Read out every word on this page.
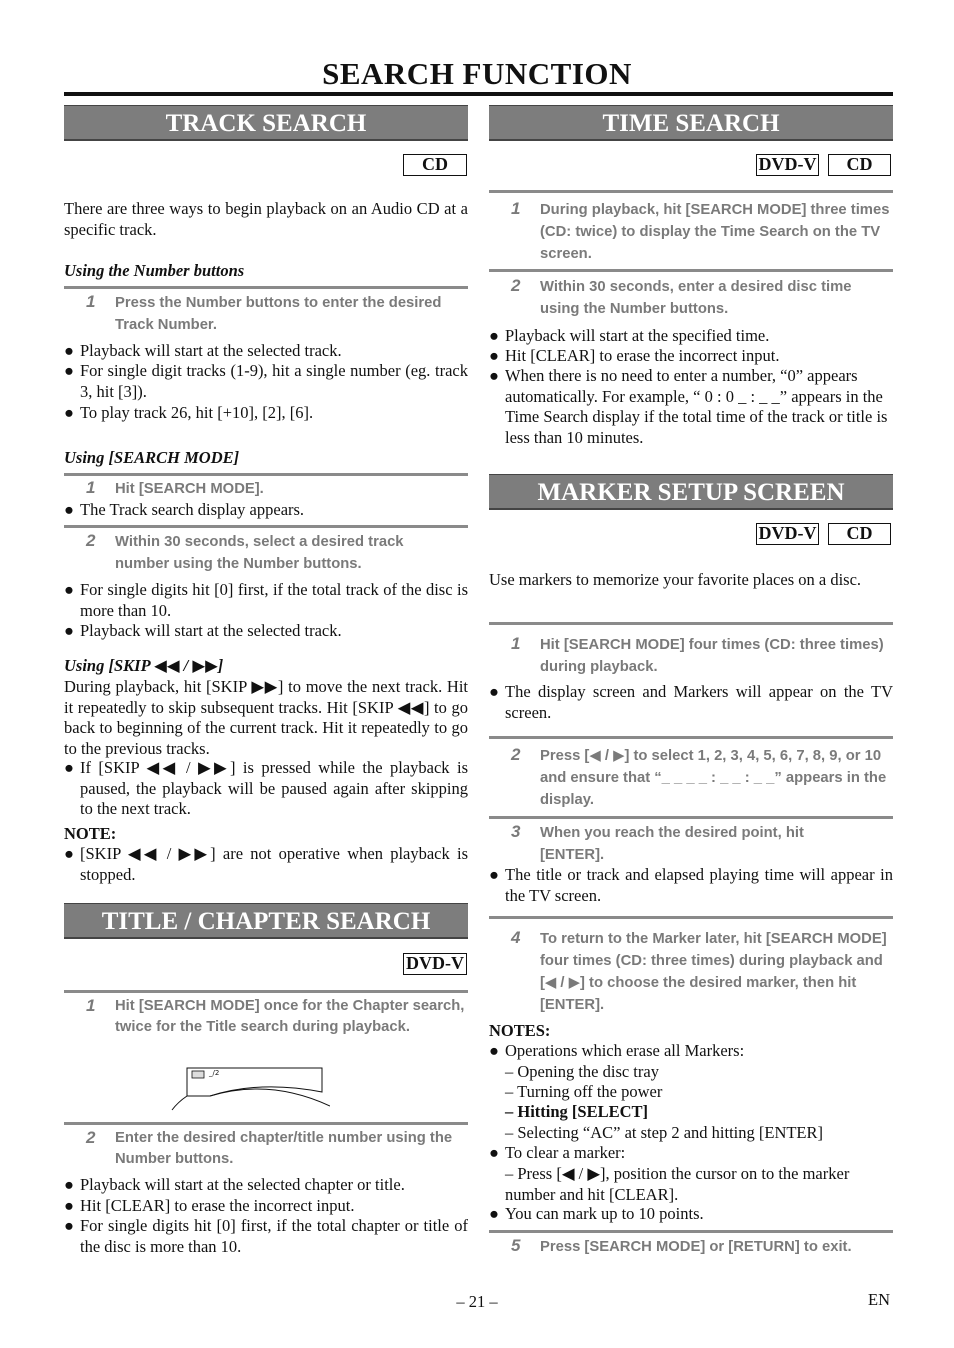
SEARCH FUNCTION
TRACK SEARCH
CD
There are three ways to begin playback on an Audio CD at a specific track.
Using the Number buttons
1 Press the Number buttons to enter the desired Track Number.
● Playback will start at the selected track.
● For single digit tracks (1-9), hit a single number (eg. track 3, hit [3]).
● To play track 26, hit [+10], [2], [6].
Using [SEARCH MODE]
1 Hit [SEARCH MODE].
● The Track search display appears.
2 Within 30 seconds, select a desired track number using the Number buttons.
● For single digits hit [0] first, if the total track of the disc is more than 10.
● Playback will start at the selected track.
Using [SKIP ◀◀ / ▶▶]
During playback, hit [SKIP ▶▶] to move the next track. Hit it repeatedly to skip subsequent tracks. Hit [SKIP ◀◀] to go back to beginning of the current track. Hit it repeatedly to go to the previous tracks.
● If [SKIP ◀◀ / ▶▶] is pressed while the playback is paused, the playback will be paused again after skipping to the next track.
NOTE:
● [SKIP ◀◀ / ▶▶] are not operative when playback is stopped.
TITLE / CHAPTER SEARCH
DVD-V
1 Hit [SEARCH MODE] once for the Chapter search, twice for the Title search during playback.
_/2
2 Enter the desired chapter/title number using the Number buttons.
● Playback will start at the selected chapter or title.
● Hit [CLEAR] to erase the incorrect input.
● For single digits hit [0] first, if the total chapter or title of the disc is more than 10.
TIME SEARCH
DVD-V	CD
1 During playback, hit [SEARCH MODE] three times (CD: twice) to display the Time Search on the TV screen.
2 Within 30 seconds, enter a desired disc time using the Number buttons.
● Playback will start at the specified time.
● Hit [CLEAR] to erase the incorrect input.
● When there is no need to enter a number, “0” appears automatically. For example, “ 0 : 0 _ : _ _” appears in the Time Search display if the total time of the track or title is less than 10 minutes.
MARKER SETUP SCREEN
DVD-V	CD
Use markers to memorize your favorite places on a disc.
1 Hit [SEARCH MODE] four times (CD: three times) during playback.
● The display screen and Markers will appear on the TV screen.
2 Press [◀ / ▶] to select 1, 2, 3, 4, 5, 6, 7, 8, 9, or 10 and ensure that “_ _ _ _ : _ _ : _ _” appears in the display.
3 When you reach the desired point, hit [ENTER].
● The title or track and elapsed playing time will appear in the TV screen.
4 To return to the Marker later, hit [SEARCH MODE] four times (CD: three times) during playback and [◀ / ▶] to choose the desired marker, then hit [ENTER].
NOTES:
● Operations which erase all Markers:
– Opening the disc tray
– Turning off the power
– Hitting [SELECT]
– Selecting “AC” at step 2 and hitting [ENTER]
● To clear a marker:
– Press [◀ / ▶], position the cursor on to the marker number and hit [CLEAR].
● You can mark up to 10 points.
5 Press [SEARCH MODE] or [RETURN] to exit.
– 21 –	EN
